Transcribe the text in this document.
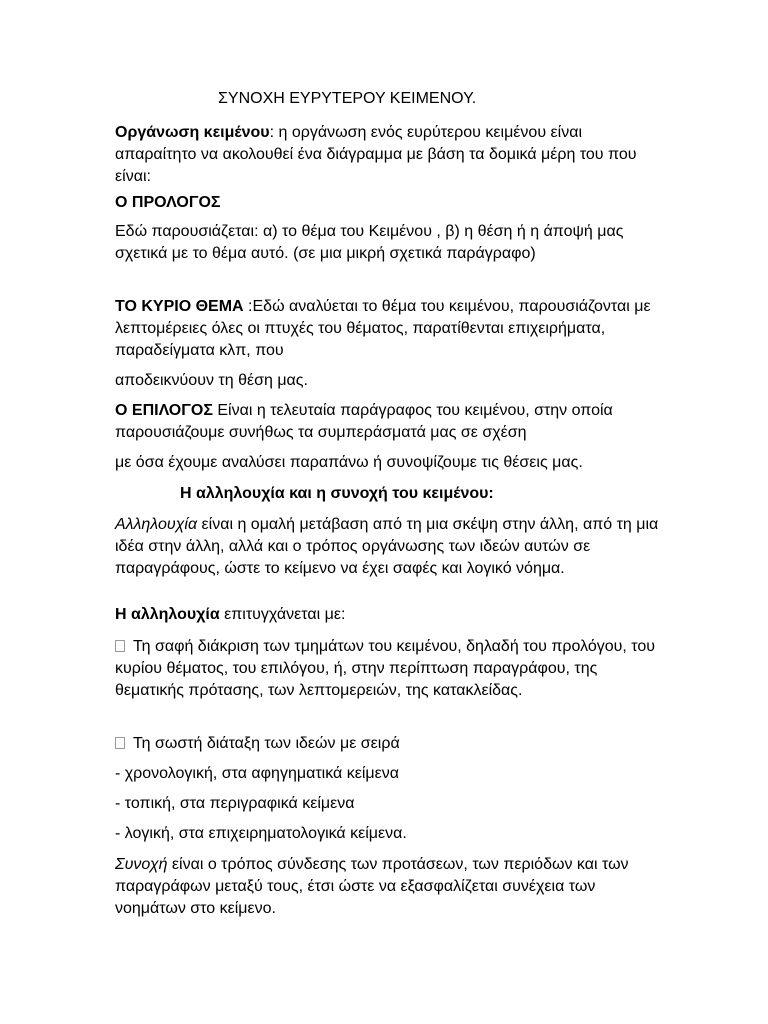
ΣΥΝΟΧΗ ΕΥΡΥΤΕΡΟΥ ΚΕΙΜΕΝΟΥ.

Οργάνωση κειμένου: η οργάνωση ενός ευρύτερου κειμένου είναι απαραίτητο να ακολουθεί ένα διάγραμμα με βάση τα δομικά μέρη του που είναι:

Ο ΠΡΟΛΟΓΟΣ

Εδώ παρουσιάζεται: α) το θέμα του Κειμένου , β) η θέση ή η άποψή μας σχετικά με το θέμα αυτό. (σε μια μικρή σχετικά παράγραφο)

ΤΟ ΚΥΡΙΟ ΘΕΜΑ :Εδώ αναλύεται το θέμα του κειμένου, παρουσιάζονται με λεπτομέρειες όλες οι πτυχές του θέματος, παρατίθενται επιχειρήματα, παραδείγματα κλπ, που

αποδεικνύουν τη θέση μας.

Ο ΕΠΙΛΟΓΟΣ Είναι η τελευταία παράγραφος του κειμένου, στην οποία παρουσιάζουμε συνήθως τα συμπεράσματά μας σε σχέση

με όσα έχουμε αναλύσει παραπάνω ή συνοψίζουμε τις θέσεις μας.

Η αλληλουχία και η συνοχή του κειμένου:

Αλληλουχία είναι η ομαλή μετάβαση από τη μια σκέψη στην άλλη, από τη μια ιδέα στην άλλη, αλλά και ο τρόπος οργάνωσης των ιδεών αυτών σε παραγράφους, ώστε το κείμενο να έχει σαφές και λογικό νόημα.

Η αλληλουχία επιτυγχάνεται με:

Τη σαφή διάκριση των τμημάτων του κειμένου, δηλαδή του προλόγου, του κυρίου θέματος, του επιλόγου, ή, στην περίπτωση παραγράφου, της θεματικής πρότασης, των λεπτομερειών, της κατακλείδας.

Τη σωστή διάταξη των ιδεών με σειρά

- χρονολογική, στα αφηγηματικά κείμενα

- τοπική, στα περιγραφικά κείμενα

- λογική, στα επιχειρηματολογικά κείμενα.

Συνοχή είναι ο τρόπος σύνδεσης των προτάσεων, των περιόδων και των παραγράφων μεταξύ τους, έτσι ώστε να εξασφαλίζεται συνέχεια των νοημάτων στο κείμενο.
